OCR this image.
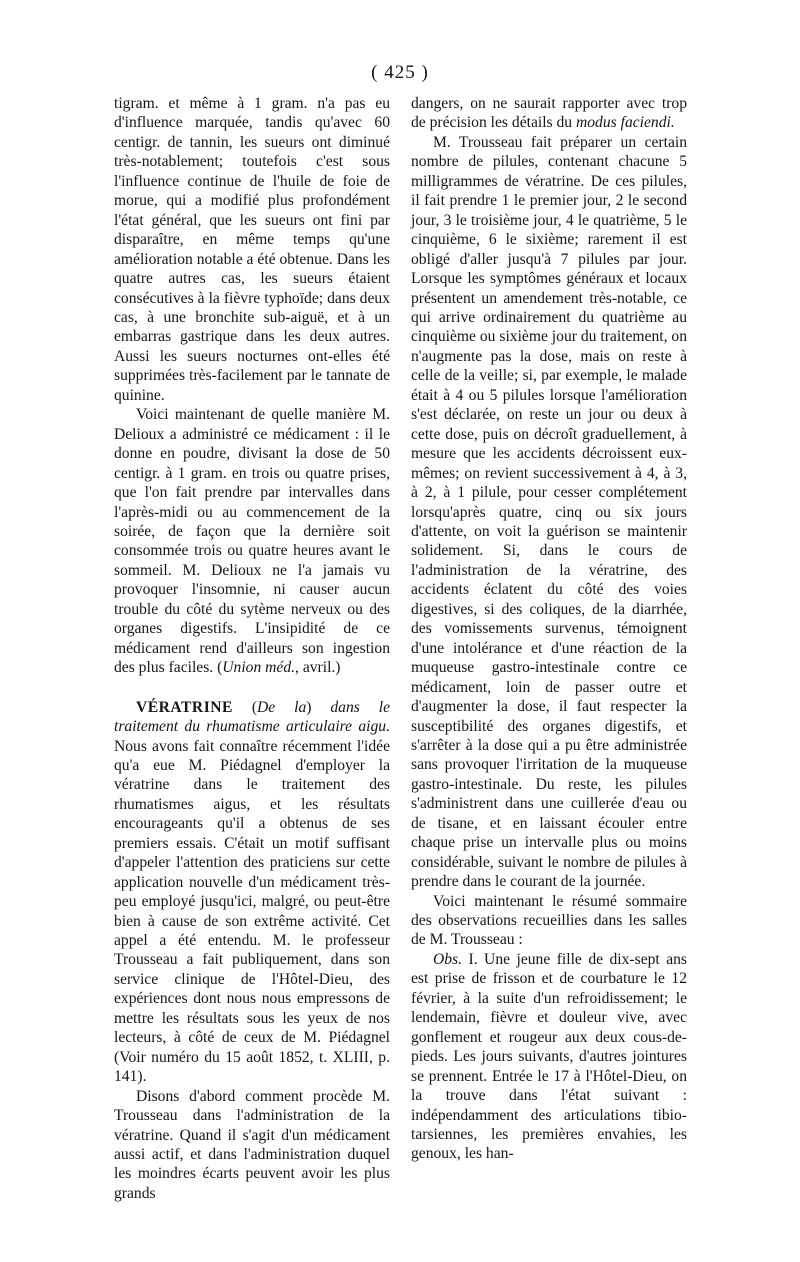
( 425 )

tigram. et même à 1 gram. n'a pas eu d'influence marquée, tandis qu'avec 60 centigr. de tannin, les sueurs ont diminué très-notablement; toutefois c'est sous l'influence continue de l'huile de foie de morue, qui a modifié plus profondément l'état général, que les sueurs ont fini par disparaître, en même temps qu'une amélioration notable a été obtenue. Dans les quatre autres cas, les sueurs étaient consécutives à la fièvre typhoïde; dans deux cas, à une bronchite sub-aiguë, et à un embarras gastrique dans les deux autres. Aussi les sueurs nocturnes ont-elles été supprimées très-facilement par le tannate de quinine.

Voici maintenant de quelle manière M. Delioux a administré ce médicament : il le donne en poudre, divisant la dose de 50 centigr. à 1 gram. en trois ou quatre prises, que l'on fait prendre par intervalles dans l'après-midi ou au commencement de la soirée, de façon que la dernière soit consommée trois ou quatre heures avant le sommeil. M. Delioux ne l'a jamais vu provoquer l'insomnie, ni causer aucun trouble du côté du sytème nerveux ou des organes digestifs. L'insipidité de ce médicament rend d'ailleurs son ingestion des plus faciles. (Union méd., avril.)

VÉRATRINE (De la) dans le traitement du rhumatisme articulaire aigu. Nous avons fait connaître récemment l'idée qu'a eue M. Piédagnel d'employer la vératrine dans le traitement des rhumatismes aigus, et les résultats encourageants qu'il a obtenus de ses premiers essais. C'était un motif suffisant d'appeler l'attention des praticiens sur cette application nouvelle d'un médicament très-peu employé jusqu'ici, malgré, ou peut-être bien à cause de son extrême activité. Cet appel a été entendu. M. le professeur Trousseau a fait publiquement, dans son service clinique de l'Hôtel-Dieu, des expériences dont nous nous empressons de mettre les résultats sous les yeux de nos lecteurs, à côté de ceux de M. Piédagnel (Voir numéro du 15 août 1852, t. XLIII, p. 141).

Disons d'abord comment procède M. Trousseau dans l'administration de la vératrine. Quand il s'agit d'un médicament aussi actif, et dans l'administration duquel les moindres écarts peuvent avoir les plus grands

dangers, on ne saurait rapporter avec trop de précision les détails du modus faciendi.

M. Trousseau fait préparer un certain nombre de pilules, contenant chacune 5 milligrammes de vératrine. De ces pilules, il fait prendre 1 le premier jour, 2 le second jour, 3 le troisième jour, 4 le quatrième, 5 le cinquième, 6 le sixième; rarement il est obligé d'aller jusqu'à 7 pilules par jour. Lorsque les symptômes généraux et locaux présentent un amendement très-notable, ce qui arrive ordinairement du quatrième au cinquième ou sixième jour du traitement, on n'augmente pas la dose, mais on reste à celle de la veille; si, par exemple, le malade était à 4 ou 5 pilules lorsque l'amélioration s'est déclarée, on reste un jour ou deux à cette dose, puis on décroît graduellement, à mesure que les accidents décroissent eux-mêmes; on revient successivement à 4, à 3, à 2, à 1 pilule, pour cesser complétement lorsqu'après quatre, cinq ou six jours d'attente, on voit la guérison se maintenir solidement. Si, dans le cours de l'administration de la vératrine, des accidents éclatent du côté des voies digestives, si des coliques, de la diarrhée, des vomissements survenus, témoignent d'une intolérance et d'une réaction de la muqueuse gastro-intestinale contre ce médicament, loin de passer outre et d'augmenter la dose, il faut respecter la susceptibilité des organes digestifs, et s'arrêter à la dose qui a pu être administrée sans provoquer l'irritation de la muqueuse gastro-intestinale. Du reste, les pilules s'administrent dans une cuillerée d'eau ou de tisane, et en laissant écouler entre chaque prise un intervalle plus ou moins considérable, suivant le nombre de pilules à prendre dans le courant de la journée.

Voici maintenant le résumé sommaire des observations recueillies dans les salles de M. Trousseau :

Obs. I. Une jeune fille de dix-sept ans est prise de frisson et de courbature le 12 février, à la suite d'un refroidissement; le lendemain, fièvre et douleur vive, avec gonflement et rougeur aux deux cous-de-pieds. Les jours suivants, d'autres jointures se prennent. Entrée le 17 à l'Hôtel-Dieu, on la trouve dans l'état suivant : indépendamment des articulations tibio-tarsiennes, les premières envahies, les genoux, les han-
